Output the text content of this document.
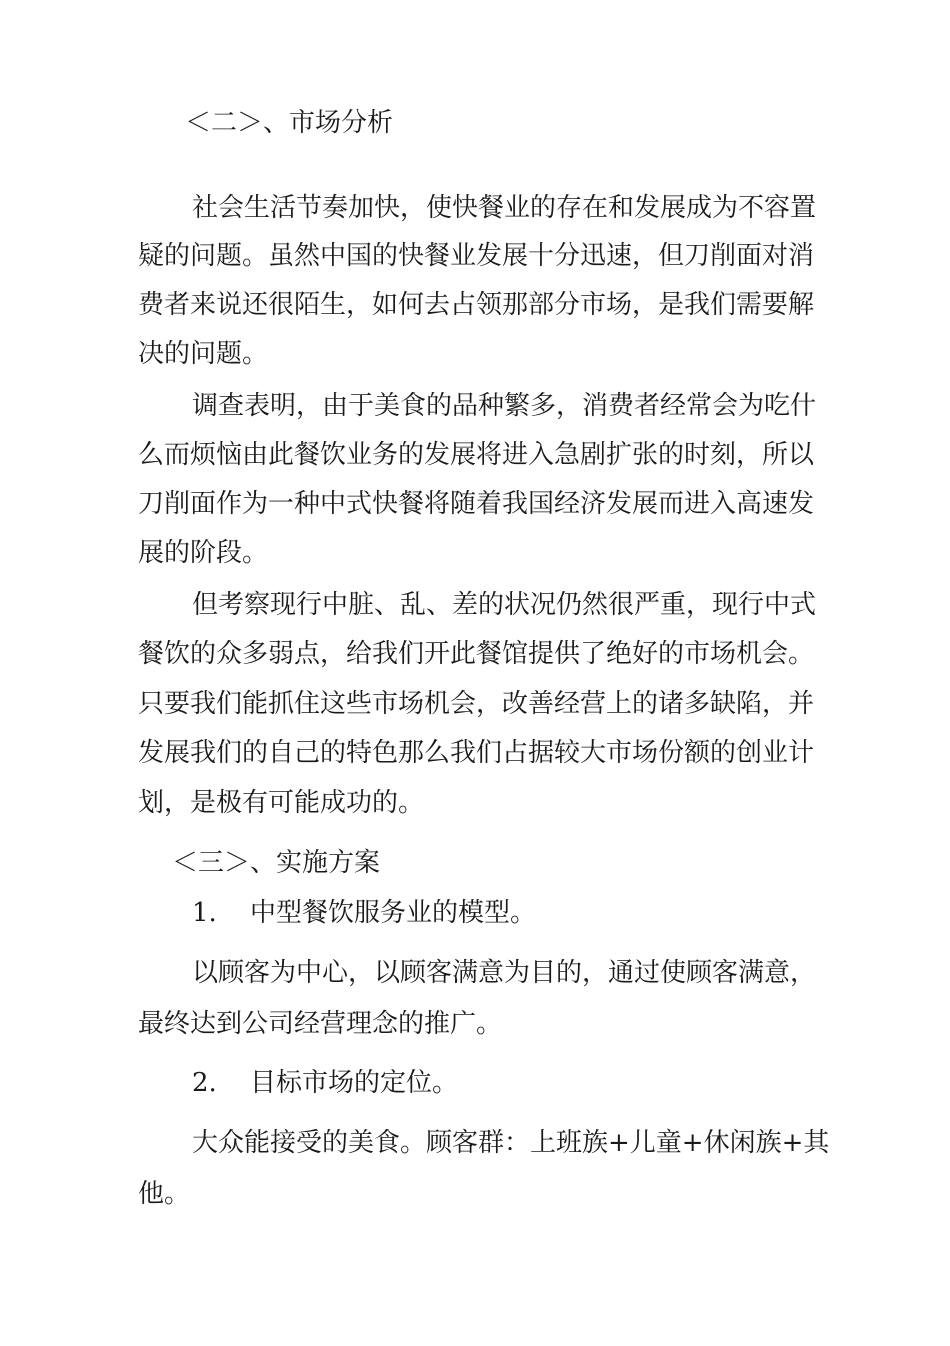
＜二＞、市场分析
社会生活节奏加快，使快餐业的存在和发展成为不容置
疑的问题。虽然中国的快餐业发展十分迅速，但刀削面对消
费者来说还很陌生，如何去占领那部分市场，是我们需要解
决的问题。
调查表明，由于美食的品种繁多，消费者经常会为吃什
么而烦恼由此餐饮业务的发展将进入急剧扩张的时刻，所以
刀削面作为一种中式快餐将随着我国经济发展而进入高速发
展的阶段。
但考察现行中脏、乱、差的状况仍然很严重，现行中式
餐饮的众多弱点，给我们开此餐馆提供了绝好的市场机会。
只要我们能抓住这些市场机会，改善经营上的诸多缺陷，并
发展我们的自己的特色那么我们占据较大市场份额的创业计
划，是极有可能成功的。
＜三＞、实施方案
1. 中型餐饮服务业的模型。
以顾客为中心，以顾客满意为目的，通过使顾客满意，
最终达到公司经营理念的推广。
2. 目标市场的定位。
大众能接受的美食。顾客群：上班族+儿童+休闲族+其
他。
